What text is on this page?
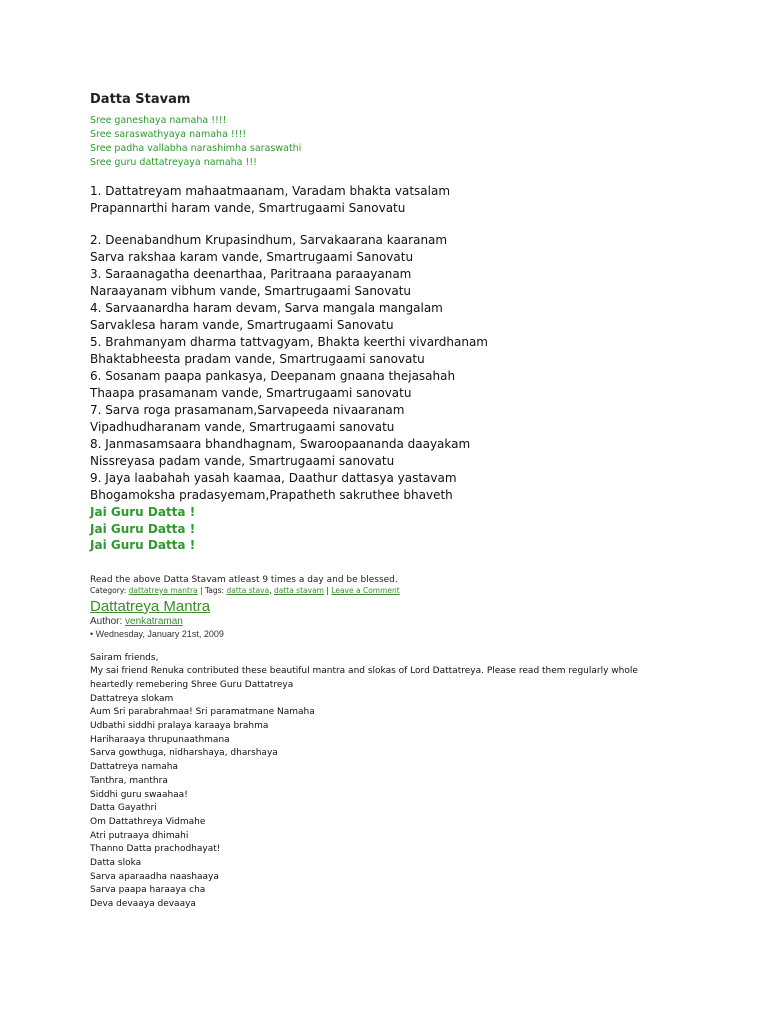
Datta Stavam
Sree ganeshaya namaha !!!!
Sree saraswathyaya namaha !!!!
Sree padha vallabha narashimha saraswathi
Sree guru dattatreyaya namaha !!!
1. Dattatreyam mahaatmaanam, Varadam bhakta vatsalam
Prapannarthi haram vande, Smartrugaami Sanovatu
2. Deenabandhum Krupasindhum, Sarvakaarana kaaranam
Sarva rakshaa karam vande, Smartrugaami Sanovatu
3. Saraanagatha deenarthaa, Paritraana paraayanam
Naraayanam vibhum vande, Smartrugaami Sanovatu
4. Sarvaanardha haram devam, Sarva mangala mangalam
Sarvaklesa haram vande, Smartrugaami Sanovatu
5. Brahmanyam dharma tattvagyam, Bhakta keerthi vivardhanam
Bhaktabheesta pradam vande, Smartrugaami sanovatu
6. Sosanam paapa pankasya, Deepanam gnaana thejasahah
Thaapa prasamanam vande, Smartrugaami sanovatu
7. Sarva roga prasamanam,Sarvapeeda nivaaranam
Vipadhudharanam vande, Smartrugaami sanovatu
8. Janmasamsaara bhandhagnam, Swaroopaananda daayakam
Nissreyasa padam vande, Smartrugaami sanovatu
9. Jaya laabahah yasah kaamaa, Daathur dattasya yastavam
Bhogamoksha pradasyemam,Prapatheth sakruthee bhaveth
Jai Guru Datta !
Jai Guru Datta !
Jai Guru Datta !
Read the above Datta Stavam atleast 9 times a day and be blessed.
Category: dattatreya mantra | Tags: datta stava, datta stavam | Leave a Comment
Dattatreya Mantra
Author: venkatraman
• Wednesday, January 21st, 2009
Sairam friends,
My sai friend Renuka contributed these beautiful mantra and slokas of Lord Dattatreya. Please read them regularly whole
heartedly remebering Shree Guru Dattatreya
Dattatreya slokam
Aum Sri parabrahmaa! Sri paramatmane Namaha
Udbathi siddhi pralaya karaaya brahma
Hariharaaya thrupunaathmana
Sarva gowthuga, nidharshaya, dharshaya
Dattatreya namaha
Tanthra, manthra
Siddhi guru swaahaa!
Datta Gayathri
Om Dattathreya Vidmahe
Atri putraaya dhimahi
Thanno Datta prachodhayat!
Datta sloka
Sarva aparaadha naashaaya
Sarva paapa haraaya cha
Deva devaaya devaaya
